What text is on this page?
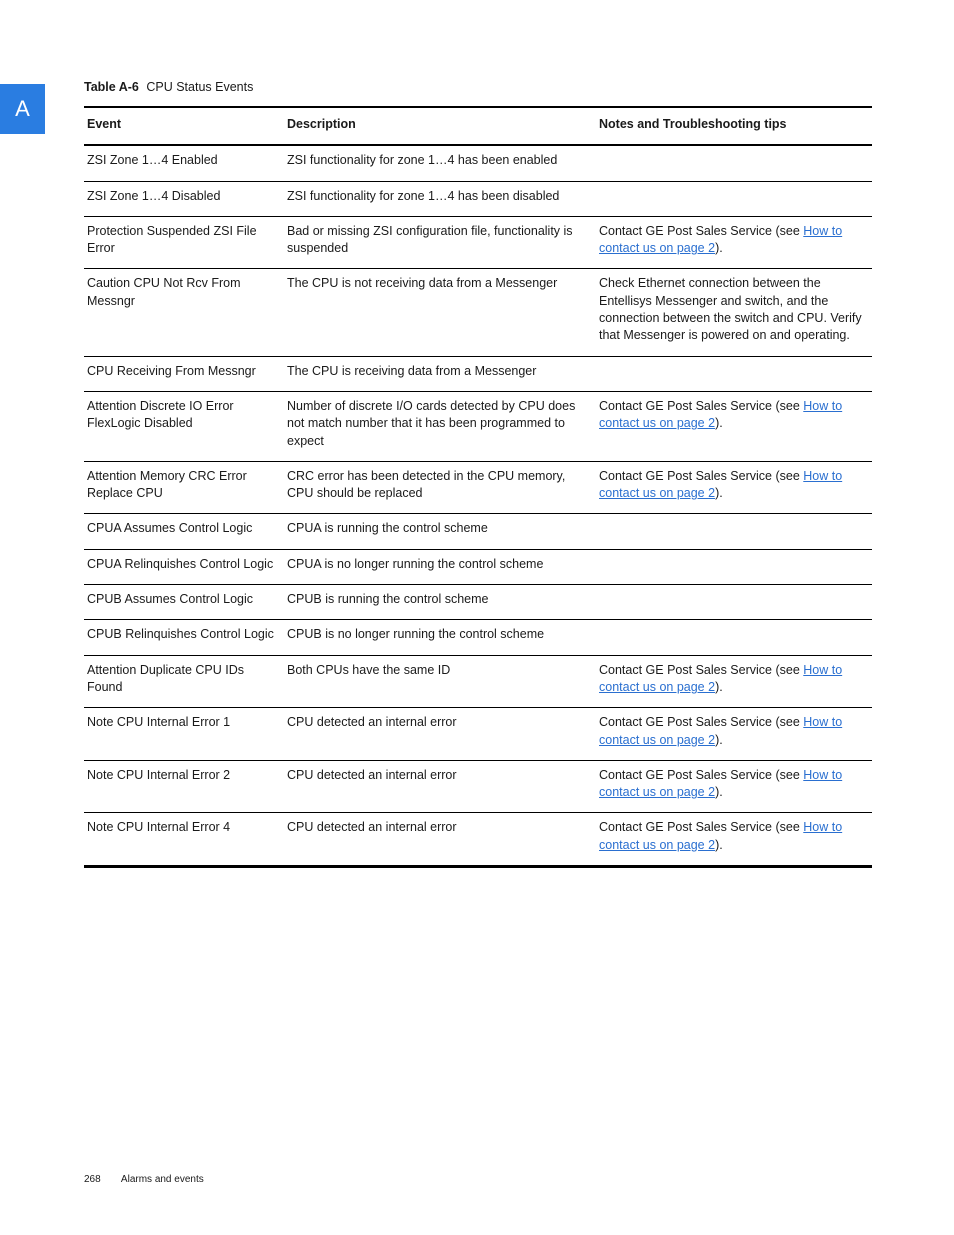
A
Table A-6 CPU Status Events
Event	Description	Notes and Troubleshooting tips
ZSI Zone 1…4 Enabled	ZSI functionality for zone 1…4 has been enabled	
ZSI Zone 1…4 Disabled	ZSI functionality for zone 1…4 has been disabled	
Protection Suspended ZSI File Error	Bad or missing ZSI configuration file, functionality is suspended	Contact GE Post Sales Service (see How to contact us on page 2).
Caution CPU Not Rcv From Messngr	The CPU is not receiving data from a Messenger	Check Ethernet connection between the Entellisys Messenger and switch, and the connection between the switch and CPU. Verify that Messenger is powered on and operating.
CPU Receiving From Messngr	The CPU is receiving data from a Messenger	
Attention Discrete IO Error FlexLogic Disabled	Number of discrete I/O cards detected by CPU does not match number that it has been programmed to expect	Contact GE Post Sales Service (see How to contact us on page 2).
Attention Memory CRC Error Replace CPU	CRC error has been detected in the CPU memory, CPU should be replaced	Contact GE Post Sales Service (see How to contact us on page 2).
CPUA Assumes Control Logic	CPUA is running the control scheme	
CPUA Relinquishes Control Logic	CPUA is no longer running the control scheme	
CPUB Assumes Control Logic	CPUB is running the control scheme	
CPUB Relinquishes Control Logic	CPUB is no longer running the control scheme	
Attention Duplicate CPU IDs Found	Both CPUs have the same ID	Contact GE Post Sales Service (see How to contact us on page 2).
Note CPU Internal Error 1	CPU detected an internal error	Contact GE Post Sales Service (see How to contact us on page 2).
Note CPU Internal Error 2	CPU detected an internal error	Contact GE Post Sales Service (see How to contact us on page 2).
Note CPU Internal Error 4	CPU detected an internal error	Contact GE Post Sales Service (see How to contact us on page 2).
268 Alarms and events
